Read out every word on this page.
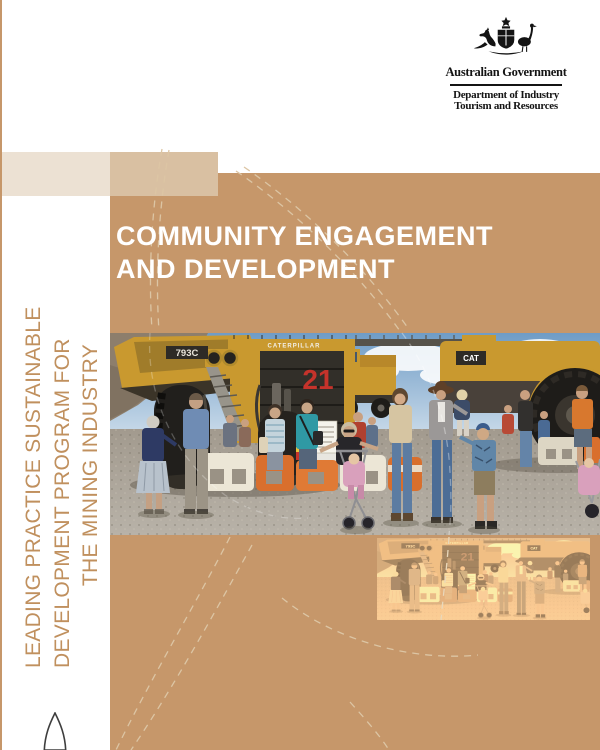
Australian Government
Department of Industry
Tourism and Resources
COMMUNITY ENGAGEMENT
AND DEVELOPMENT
LEADING PRACTICE SUSTAINABLE DEVELOPMENT PROGRAM FOR THE MINING INDUSTRY	CAT
CATERPILLAR
21
793C
